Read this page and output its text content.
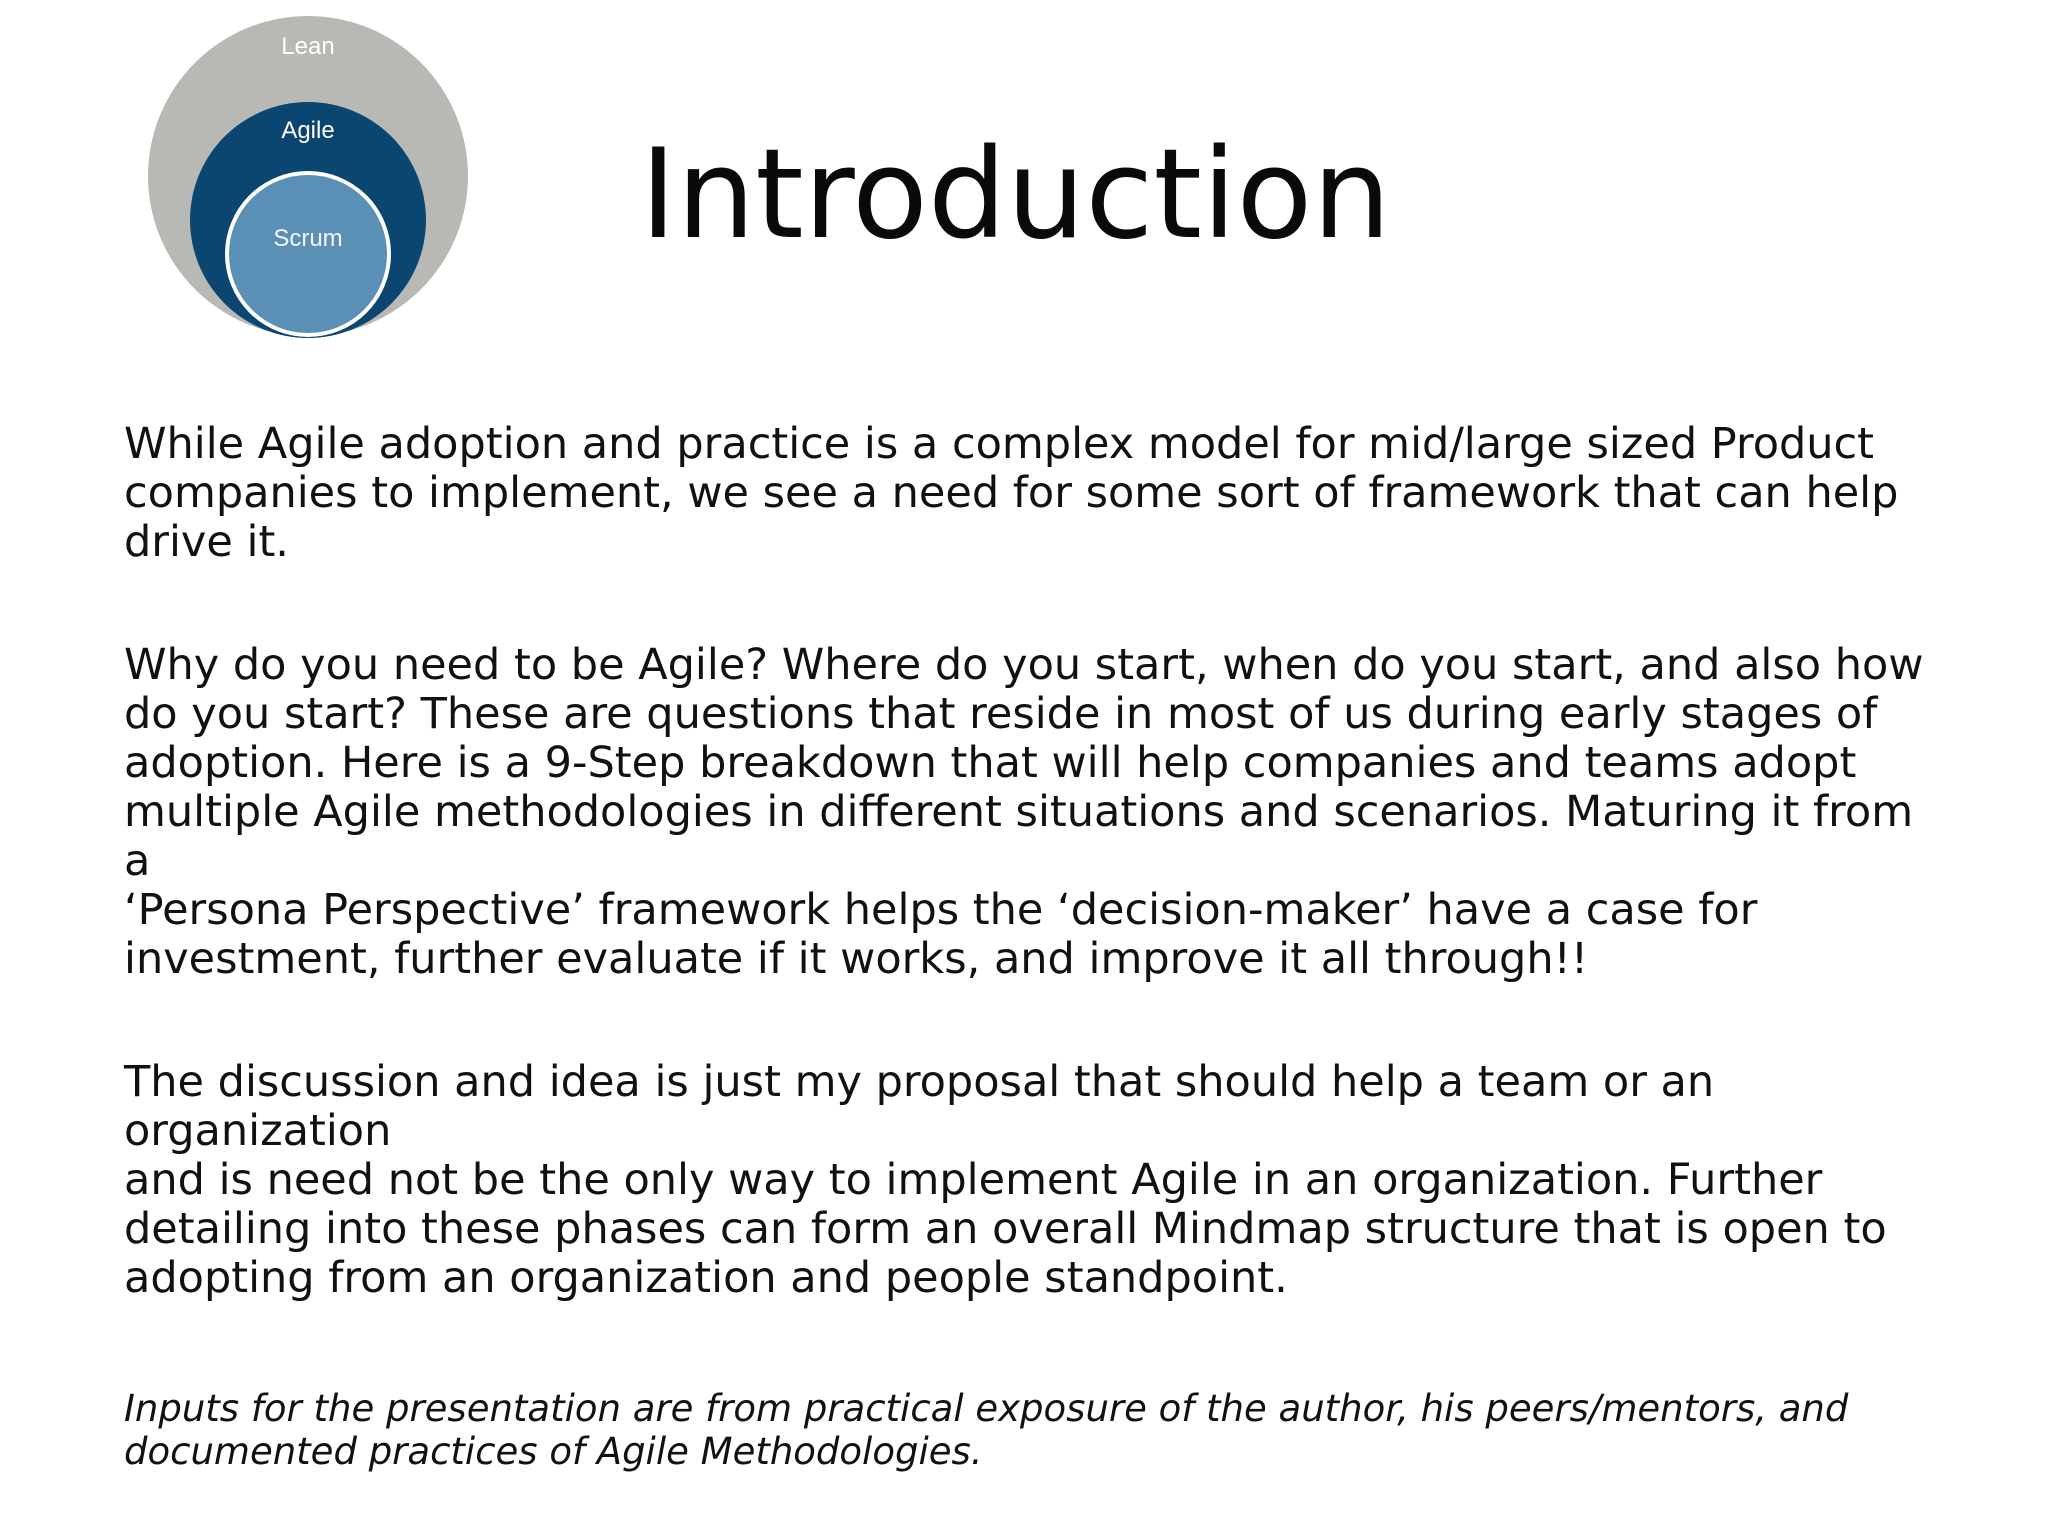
Lean
Agile
Scrum Introduction

While Agile adoption and practice is a complex model for mid/large sized Product
companies to implement, we see a need for some sort of framework that can help
drive it.

Why do you need to be Agile? Where do you start, when do you start, and also how
do you start? These are questions that reside in most of us during early stages of
adoption. Here is a 9-Step breakdown that will help companies and teams adopt
multiple Agile methodologies in different situations and scenarios. Maturing it from a
‘Persona Perspective’ framework helps the ‘decision-maker’ have a case for
investment, further evaluate if it works, and improve it all through!!

The discussion and idea is just my proposal that should help a team or an organization
and is need not be the only way to implement Agile in an organization. Further
detailing into these phases can form an overall Mindmap structure that is open to
adopting from an organization and people standpoint.

Inputs for the presentation are from practical exposure of the author, his peers/mentors, and
documented practices of Agile Methodologies.
